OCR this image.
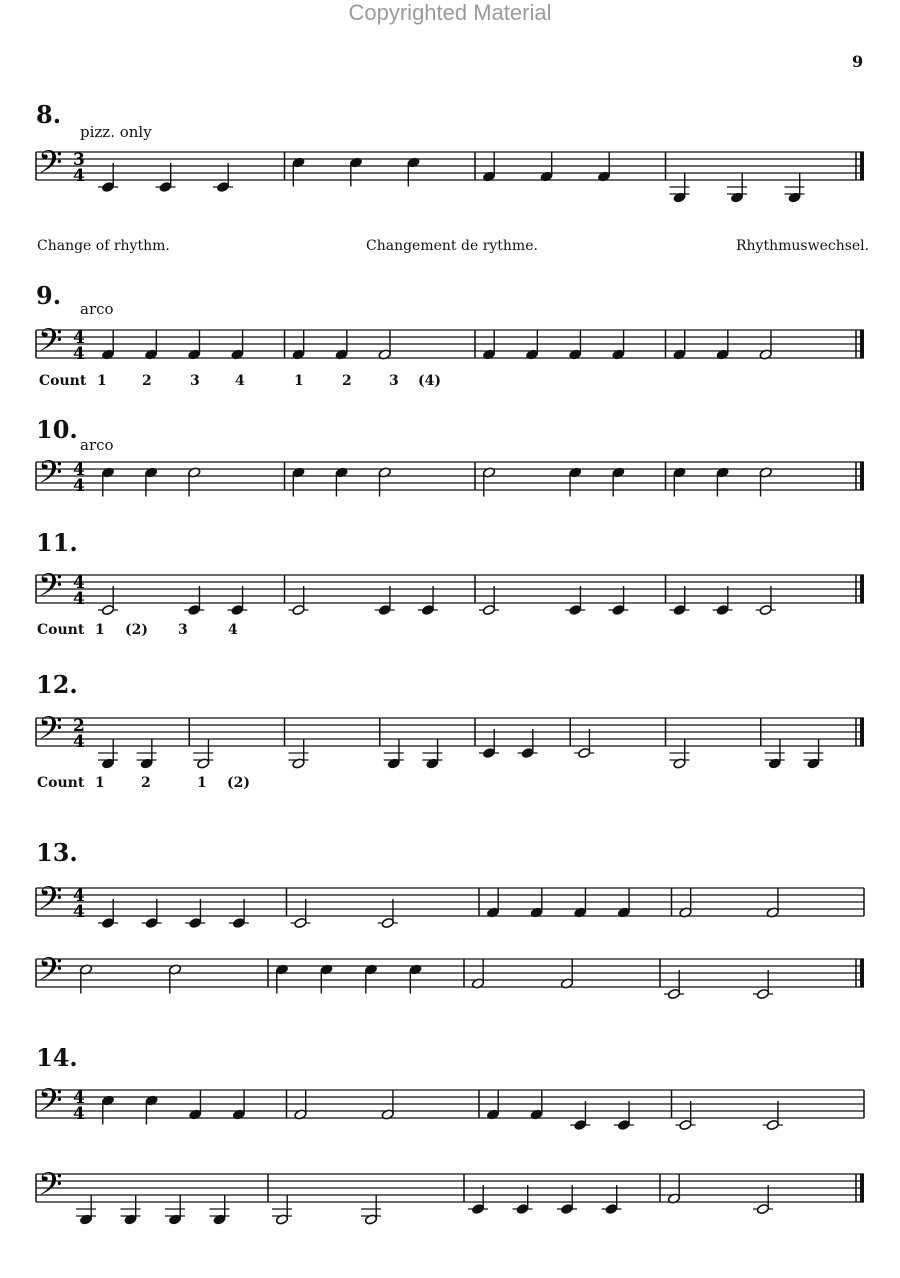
Copyrighted Material
9
8.
pizz. only
𝄢 3
4
Change of rhythm.	Changement de rythme.	Rhythmuswechsel.
9. arco
𝄢 4
4
Count 1	2	3	4	1	2	3 (4)
10.
arco
𝄢 4
4
11.
𝄢 4
4
Count 1 (2) 3	4
12.
𝄢 2
4
Count 1	2	1 (2)
13.
𝄢 4
4
𝄢
14.
𝄢 4
4
𝄢
